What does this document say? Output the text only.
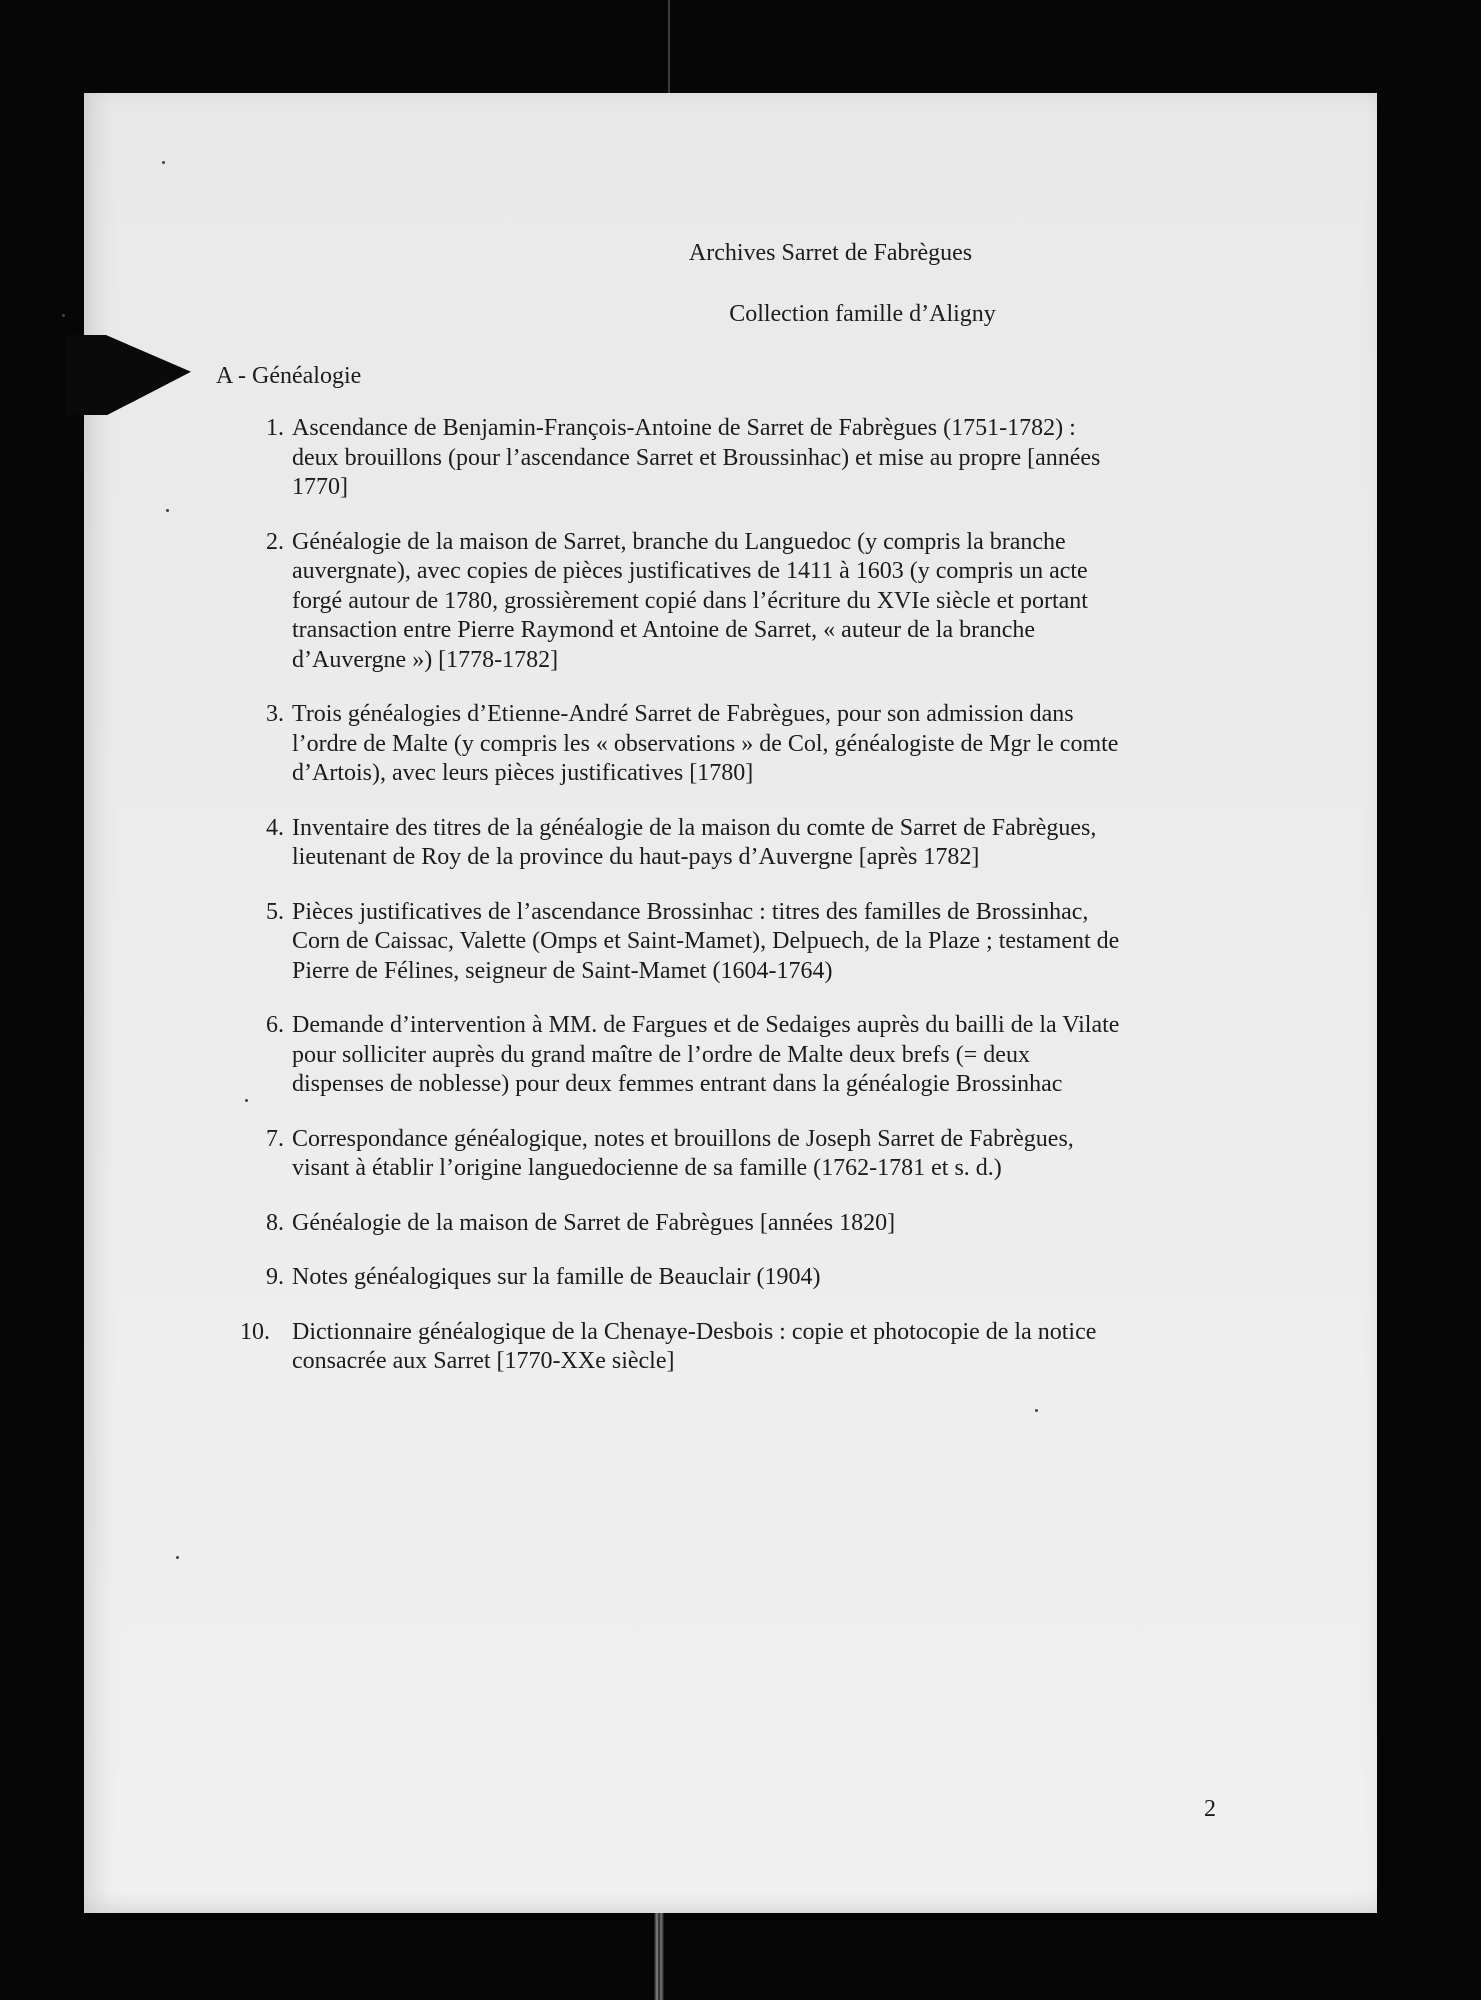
Archives Sarret de Fabrègues
Collection famille d’Aligny
A - Généalogie
1. Ascendance de Benjamin-François-Antoine de Sarret de Fabrègues (1751-1782) :
deux brouillons (pour l’ascendance Sarret et Broussinhac) et mise au propre [années
1770]
2. Généalogie de la maison de Sarret, branche du Languedoc (y compris la branche
auvergnate), avec copies de pièces justificatives de 1411 à 1603 (y compris un acte
forgé autour de 1780, grossièrement copié dans l’écriture du XVIe siècle et portant
transaction entre Pierre Raymond et Antoine de Sarret, « auteur de la branche
d’Auvergne ») [1778-1782]
3. Trois généalogies d’Etienne-André Sarret de Fabrègues, pour son admission dans
l’ordre de Malte (y compris les « observations » de Col, généalogiste de Mgr le comte
d’Artois), avec leurs pièces justificatives [1780]
4. Inventaire des titres de la généalogie de la maison du comte de Sarret de Fabrègues,
lieutenant de Roy de la province du haut-pays d’Auvergne [après 1782]
5. Pièces justificatives de l’ascendance Brossinhac : titres des familles de Brossinhac,
Corn de Caissac, Valette (Omps et Saint-Mamet), Delpuech, de la Plaze ; testament de
Pierre de Félines, seigneur de Saint-Mamet (1604-1764)
6. Demande d’intervention à MM. de Fargues et de Sedaiges auprès du bailli de la Vilate
pour solliciter auprès du grand maître de l’ordre de Malte deux brefs (= deux
dispenses de noblesse) pour deux femmes entrant dans la généalogie Brossinhac
7. Correspondance généalogique, notes et brouillons de Joseph Sarret de Fabrègues,
visant à établir l’origine languedocienne de sa famille (1762-1781 et s. d.)
8. Généalogie de la maison de Sarret de Fabrègues [années 1820]
9. Notes généalogiques sur la famille de Beauclair (1904)
10. Dictionnaire généalogique de la Chenaye-Desbois : copie et photocopie de la notice
consacrée aux Sarret [1770-XXe siècle]
2
